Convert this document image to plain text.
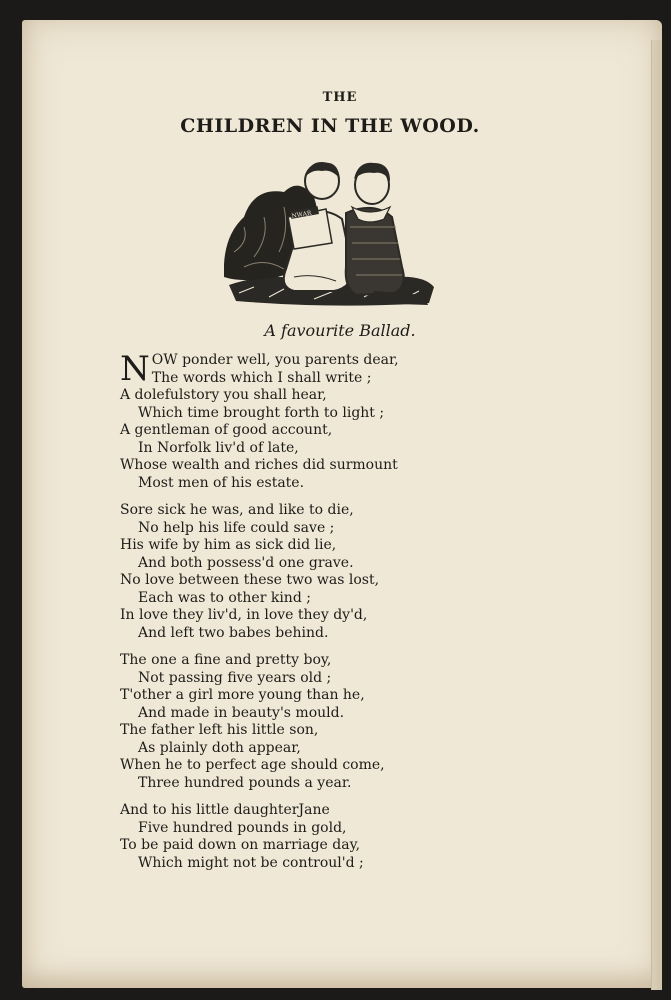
THE
CHILDREN IN THE WOOD.
NWAR
A favourite Ballad.
NOW ponder well, you parents dear,
The words which I shall write ;
A dolefulstory you shall hear,
Which time brought forth to light ;
A gentleman of good account,
In Norfolk liv'd of late,
Whose wealth and riches did surmount
Most men of his estate.
Sore sick he was, and like to die,
No help his life could save ;
His wife by him as sick did lie,
And both possess'd one grave.
No love between these two was lost,
Each was to other kind ;
In love they liv'd, in love they dy'd,
And left two babes behind.
The one a fine and pretty boy,
Not passing five years old ;
T'other a girl more young than he,
And made in beauty's mould.
The father left his little son,
As plainly doth appear,
When he to perfect age should come,
Three hundred pounds a year.
And to his little daughterJane
Five hundred pounds in gold,
To be paid down on marriage day,
Which might not be controul'd ;
